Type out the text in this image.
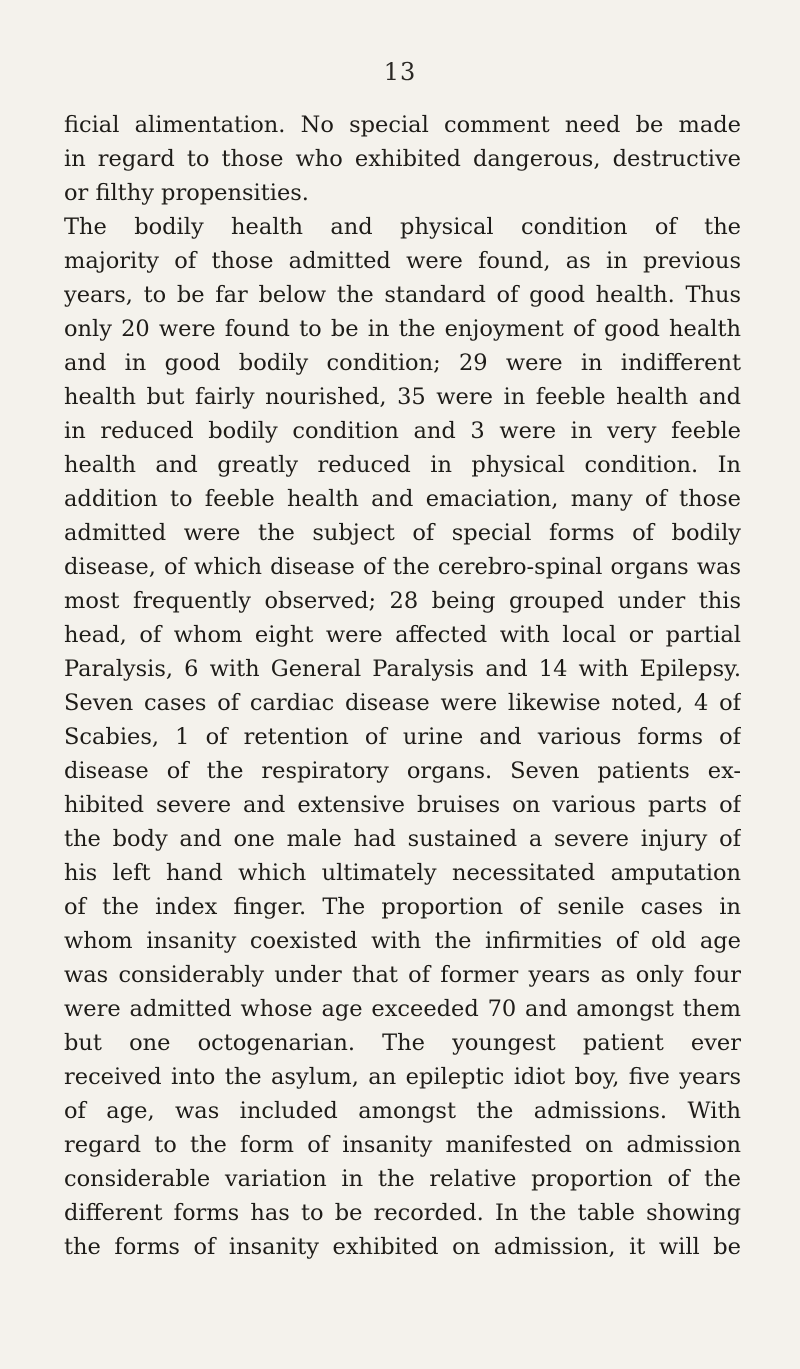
13
ficial alimentation. No special comment need be made
in regard to those who exhibited dangerous, destructive
or filthy propensities.
The bodily health and physical condition of the
majority of those admitted were found, as in previous
years, to be far below the standard of good health. Thus
only 20 were found to be in the enjoyment of good health
and in good bodily condition; 29 were in indifferent
health but fairly nourished, 35 were in feeble health and
in reduced bodily condition and 3 were in very feeble
health and greatly reduced in physical condition. In
addition to feeble health and emaciation, many of those
admitted were the subject of special forms of bodily
disease, of which disease of the cerebro-spinal organs was
most frequently observed; 28 being grouped under this
head, of whom eight were affected with local or partial
Paralysis, 6 with General Paralysis and 14 with Epilepsy.
Seven cases of cardiac disease were likewise noted, 4 of
Scabies, 1 of retention of urine and various forms of
disease of the respiratory organs. Seven patients ex-
hibited severe and extensive bruises on various parts of
the body and one male had sustained a severe injury of
his left hand which ultimately necessitated amputation
of the index finger. The proportion of senile cases in
whom insanity coexisted with the infirmities of old age
was considerably under that of former years as only four
were admitted whose age exceeded 70 and amongst them
but one octogenarian. The youngest patient ever
received into the asylum, an epileptic idiot boy, five years
of age, was included amongst the admissions. With
regard to the form of insanity manifested on admission
considerable variation in the relative proportion of the
different forms has to be recorded. In the table showing
the forms of insanity exhibited on admission, it will be
